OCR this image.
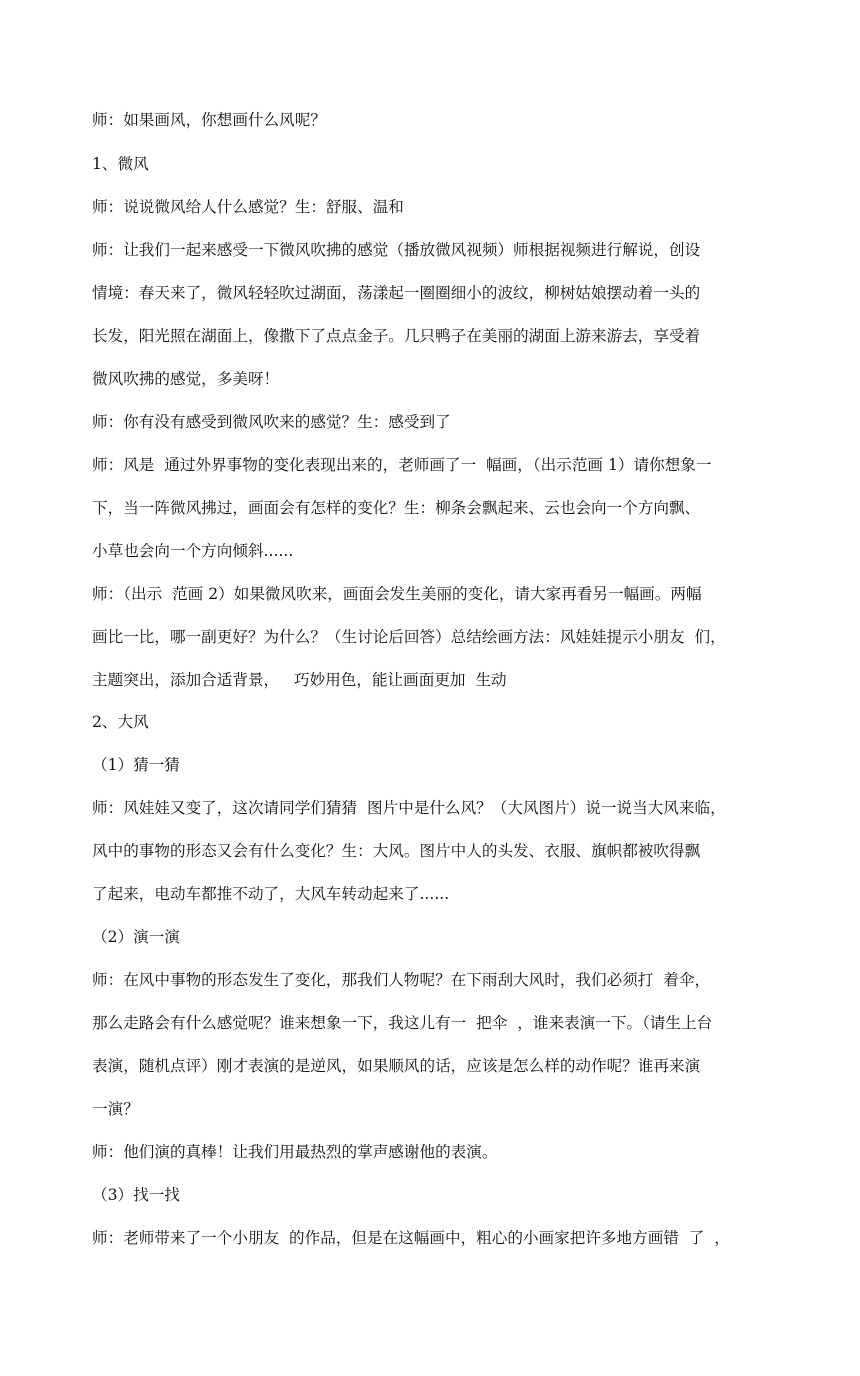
师：如果画风，你想画什么风呢？
1、微风
师：说说微风给人什么感觉？生：舒服、温和
师：让我们一起来感受一下微风吹拂的感觉（播放微风视频）师根据视频进行解说，创设
情境：春天来了，微风轻轻吹过湖面，荡漾起一圈圈细小的波纹，柳树姑娘摆动着一头的
长发，阳光照在湖面上，像撒下了点点金子。几只鸭子在美丽的湖面上游来游去，享受着
微风吹拂的感觉，多美呀！
师：你有没有感受到微风吹来的感觉？生：感受到了
师：风是  通过外界事物的变化表现出来的，老师画了一  幅画，（出示范画 1）请你想象一
下，当一阵微风拂过，画面会有怎样的变化？生：柳条会飘起来、云也会向一个方向飘、
小草也会向一个方向倾斜......
师：（出示  范画 2）如果微风吹来，画面会发生美丽的变化，请大家再看另一幅画。两幅
画比一比，哪一副更好？为什么？（生讨论后回答）总结绘画方法：风娃娃提示小朋友  们，
主题突出，添加合适背景，   巧妙用色，能让画面更加  生动
2、大风
（1）猜一猜
师：风娃娃又变了，这次请同学们猜猜  图片中是什么风？（大风图片）说一说当大风来临，
风中的事物的形态又会有什么变化？生：大风。图片中人的头发、衣服、旗帜都被吹得飘
了起来，电动车都推不动了，大风车转动起来了......
（2）演一演
师：在风中事物的形态发生了变化，那我们人物呢？在下雨刮大风时，我们必须打  着伞，
那么走路会有什么感觉呢？谁来想象一下，我这儿有一  把伞  ，谁来表演一下。（请生上台
表演，随机点评）刚才表演的是逆风，如果顺风的话，应该是怎么样的动作呢？谁再来演
一演？
师：他们演的真棒！让我们用最热烈的掌声感谢他的表演。
（3）找一找
师：老师带来了一个小朋友  的作品，但是在这幅画中，粗心的小画家把许多地方画错  了  ，
